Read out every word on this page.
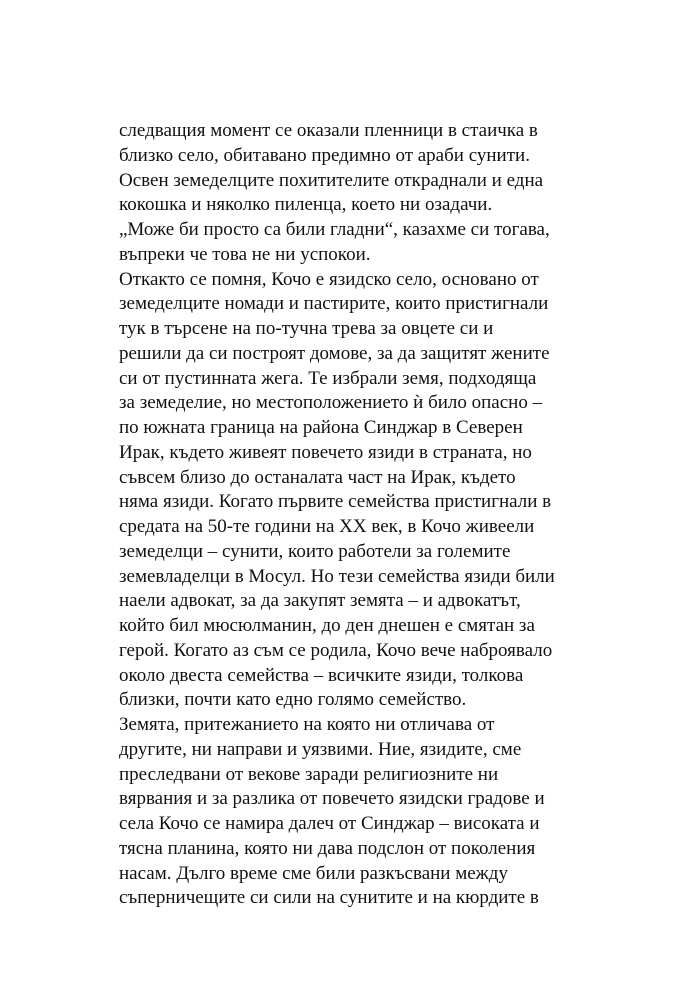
следващия момент се оказали пленници в стаичка в
близко село, обитавано предимно от араби сунити.
Освен земеделците похитителите откраднали и една
кокошка и няколко пиленца, което ни озадачи.
„Може би просто са били гладни“, казахме си тогава,
въпреки че това не ни успокои.
Откакто се помня, Кочо е язидско село, основано от
земеделците номади и пастирите, които пристигнали
тук в търсене на по-тучна трева за овцете си и
решили да си построят домове, за да защитят жените
си от пустинната жега. Те избрали земя, подходяща
за земеделие, но местоположението ѝ било опасно –
по южната граница на района Синджар в Северен
Ирак, където живеят повечето язиди в страната, но
съвсем близо до останалата част на Ирак, където
няма язиди. Когато първите семейства пристигнали в
средата на 50-те години на XX век, в Кочо живеели
земеделци – сунити, които работели за големите
земевладелци в Мосул. Но тези семейства язиди били
наели адвокат, за да закупят земята – и адвокатът,
който бил мюсюлманин, до ден днешен е смятан за
герой. Когато аз съм се родила, Кочо вече наброявало
около двеста семейства – всичките язиди, толкова
близки, почти като едно голямо семейство.
Земята, притежанието на която ни отличава от
другите, ни направи и уязвими. Ние, язидите, сме
преследвани от векове заради религиозните ни
вярвания и за разлика от повечето язидски градове и
села Кочо се намира далеч от Синджар – високата и
тясна планина, която ни дава подслон от поколения
насам. Дълго време сме били разкъсвани между
съперничещите си сили на сунитите и на кюрдите в
